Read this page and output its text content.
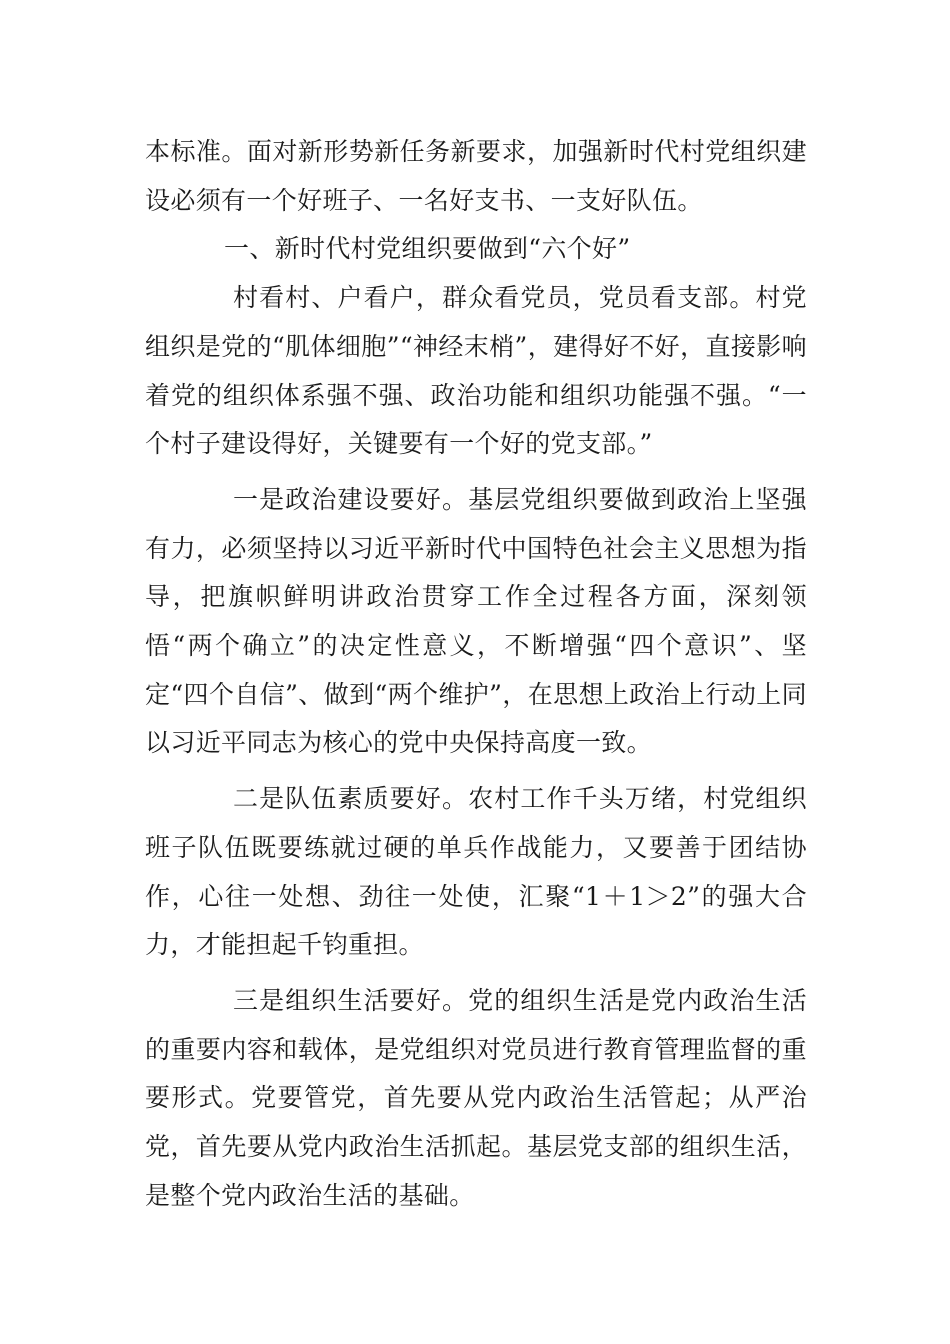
本标准。面对新形势新任务新要求，加强新时代村党组织建设必须有一个好班子、一名好支书、一支好队伍。

一、新时代村党组织要做到“六个好”

村看村、户看户，群众看党员，党员看支部。村党组织是党的“肌体细胞”“神经末梢”，建得好不好，直接影响着党的组织体系强不强、政治功能和组织功能强不强。“一个村子建设得好，关键要有一个好的党支部。”

一是政治建设要好。基层党组织要做到政治上坚强有力，必须坚持以习近平新时代中国特色社会主义思想为指导，把旗帜鲜明讲政治贯穿工作全过程各方面，深刻领悟“两个确立”的决定性意义，不断增强“四个意识”、坚定“四个自信”、做到“两个维护”，在思想上政治上行动上同以习近平同志为核心的党中央保持高度一致。

二是队伍素质要好。农村工作千头万绪，村党组织班子队伍既要练就过硬的单兵作战能力，又要善于团结协作，心往一处想、劲往一处使，汇聚“1＋1＞2”的强大合力，才能担起千钧重担。

三是组织生活要好。党的组织生活是党内政治生活的重要内容和载体，是党组织对党员进行教育管理监督的重要形式。党要管党，首先要从党内政治生活管起；从严治党，首先要从党内政治生活抓起。基层党支部的组织生活，是整个党内政治生活的基础。
